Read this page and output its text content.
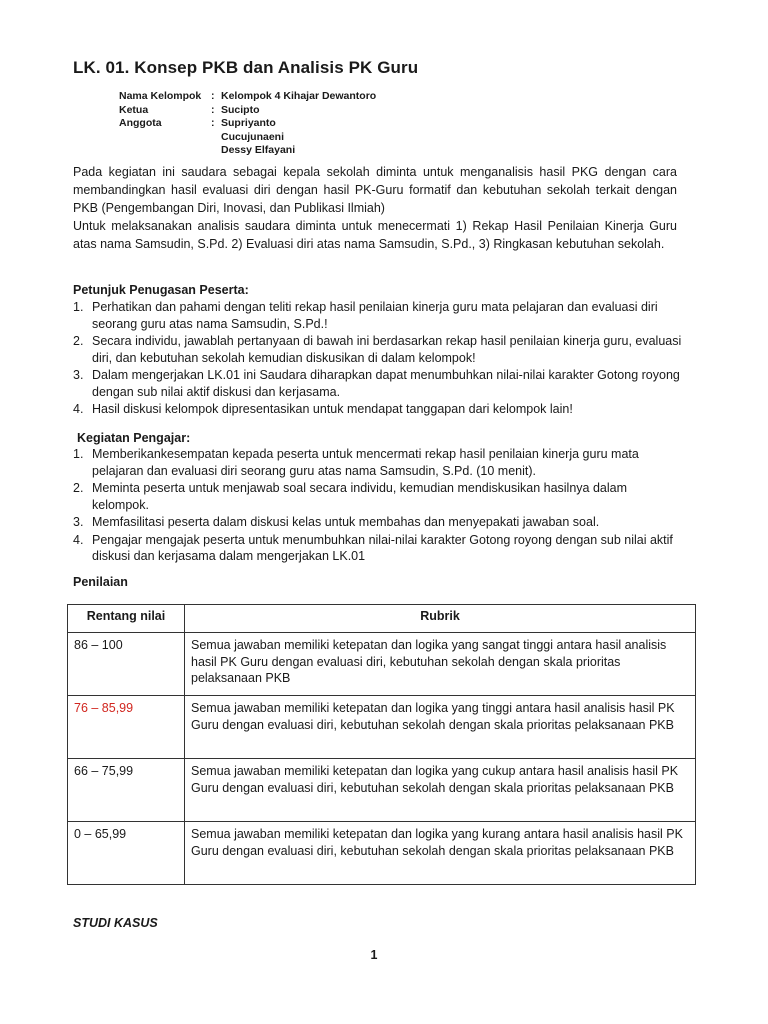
LK. 01. Konsep PKB dan Analisis PK Guru
Nama Kelompok : Kelompok 4 Kihajar Dewantoro
Ketua	: Sucipto
Anggota	: Supriyanto
Cucujunaeni
Dessy Elfayani
Pada kegiatan ini saudara sebagai kepala sekolah diminta untuk menganalisis hasil PKG dengan cara membandingkan hasil evaluasi diri dengan hasil PK-Guru formatif dan kebutuhan sekolah terkait dengan PKB (Pengembangan Diri, Inovasi, dan Publikasi Ilmiah)
Untuk melaksanakan analisis saudara diminta untuk menecermati 1) Rekap Hasil Penilaian Kinerja Guru atas nama Samsudin, S.Pd. 2) Evaluasi diri atas nama Samsudin, S.Pd., 3) Ringkasan kebutuhan sekolah.
Petunjuk Penugasan Peserta:
1. Perhatikan dan pahami dengan teliti rekap hasil penilaian kinerja guru mata pelajaran dan evaluasi diri seorang guru atas nama Samsudin, S.Pd.!
2. Secara individu, jawablah pertanyaan di bawah ini berdasarkan rekap hasil penilaian kinerja guru, evaluasi diri, dan kebutuhan sekolah kemudian diskusikan di dalam kelompok!
3. Dalam mengerjakan LK.01 ini Saudara diharapkan dapat menumbuhkan nilai-nilai karakter Gotong royong dengan sub nilai aktif diskusi dan kerjasama.
4. Hasil diskusi kelompok dipresentasikan untuk mendapat tanggapan dari kelompok lain!
Kegiatan Pengajar:
1. Memberikankesempatan kepada peserta untuk mencermati rekap hasil penilaian kinerja guru mata pelajaran dan evaluasi diri seorang guru atas nama Samsudin, S.Pd. (10 menit).
2. Meminta peserta untuk menjawab soal secara individu, kemudian mendiskusikan hasilnya dalam kelompok.
3. Memfasilitasi peserta dalam diskusi kelas untuk membahas dan menyepakati jawaban soal.
4. Pengajar mengajak peserta untuk menumbuhkan nilai-nilai karakter Gotong royong dengan sub nilai aktif diskusi dan kerjasama dalam mengerjakan LK.01
Penilaian
Rentang nilai	Rubrik
86 – 100	Semua jawaban memiliki ketepatan dan logika yang sangat tinggi antara hasil analisis hasil PK Guru dengan evaluasi diri, kebutuhan sekolah dengan skala prioritas pelaksanaan PKB
76 – 85,99	Semua jawaban memiliki ketepatan dan logika yang tinggi antara hasil analisis hasil PK Guru dengan evaluasi diri, kebutuhan sekolah dengan skala prioritas pelaksanaan PKB
66 – 75,99	Semua jawaban memiliki ketepatan dan logika yang cukup antara hasil analisis hasil PK Guru dengan evaluasi diri, kebutuhan sekolah dengan skala prioritas pelaksanaan PKB
0 – 65,99	Semua jawaban memiliki ketepatan dan logika yang kurang antara hasil analisis hasil PK Guru dengan evaluasi diri, kebutuhan sekolah dengan skala prioritas pelaksanaan PKB
STUDI KASUS
1
